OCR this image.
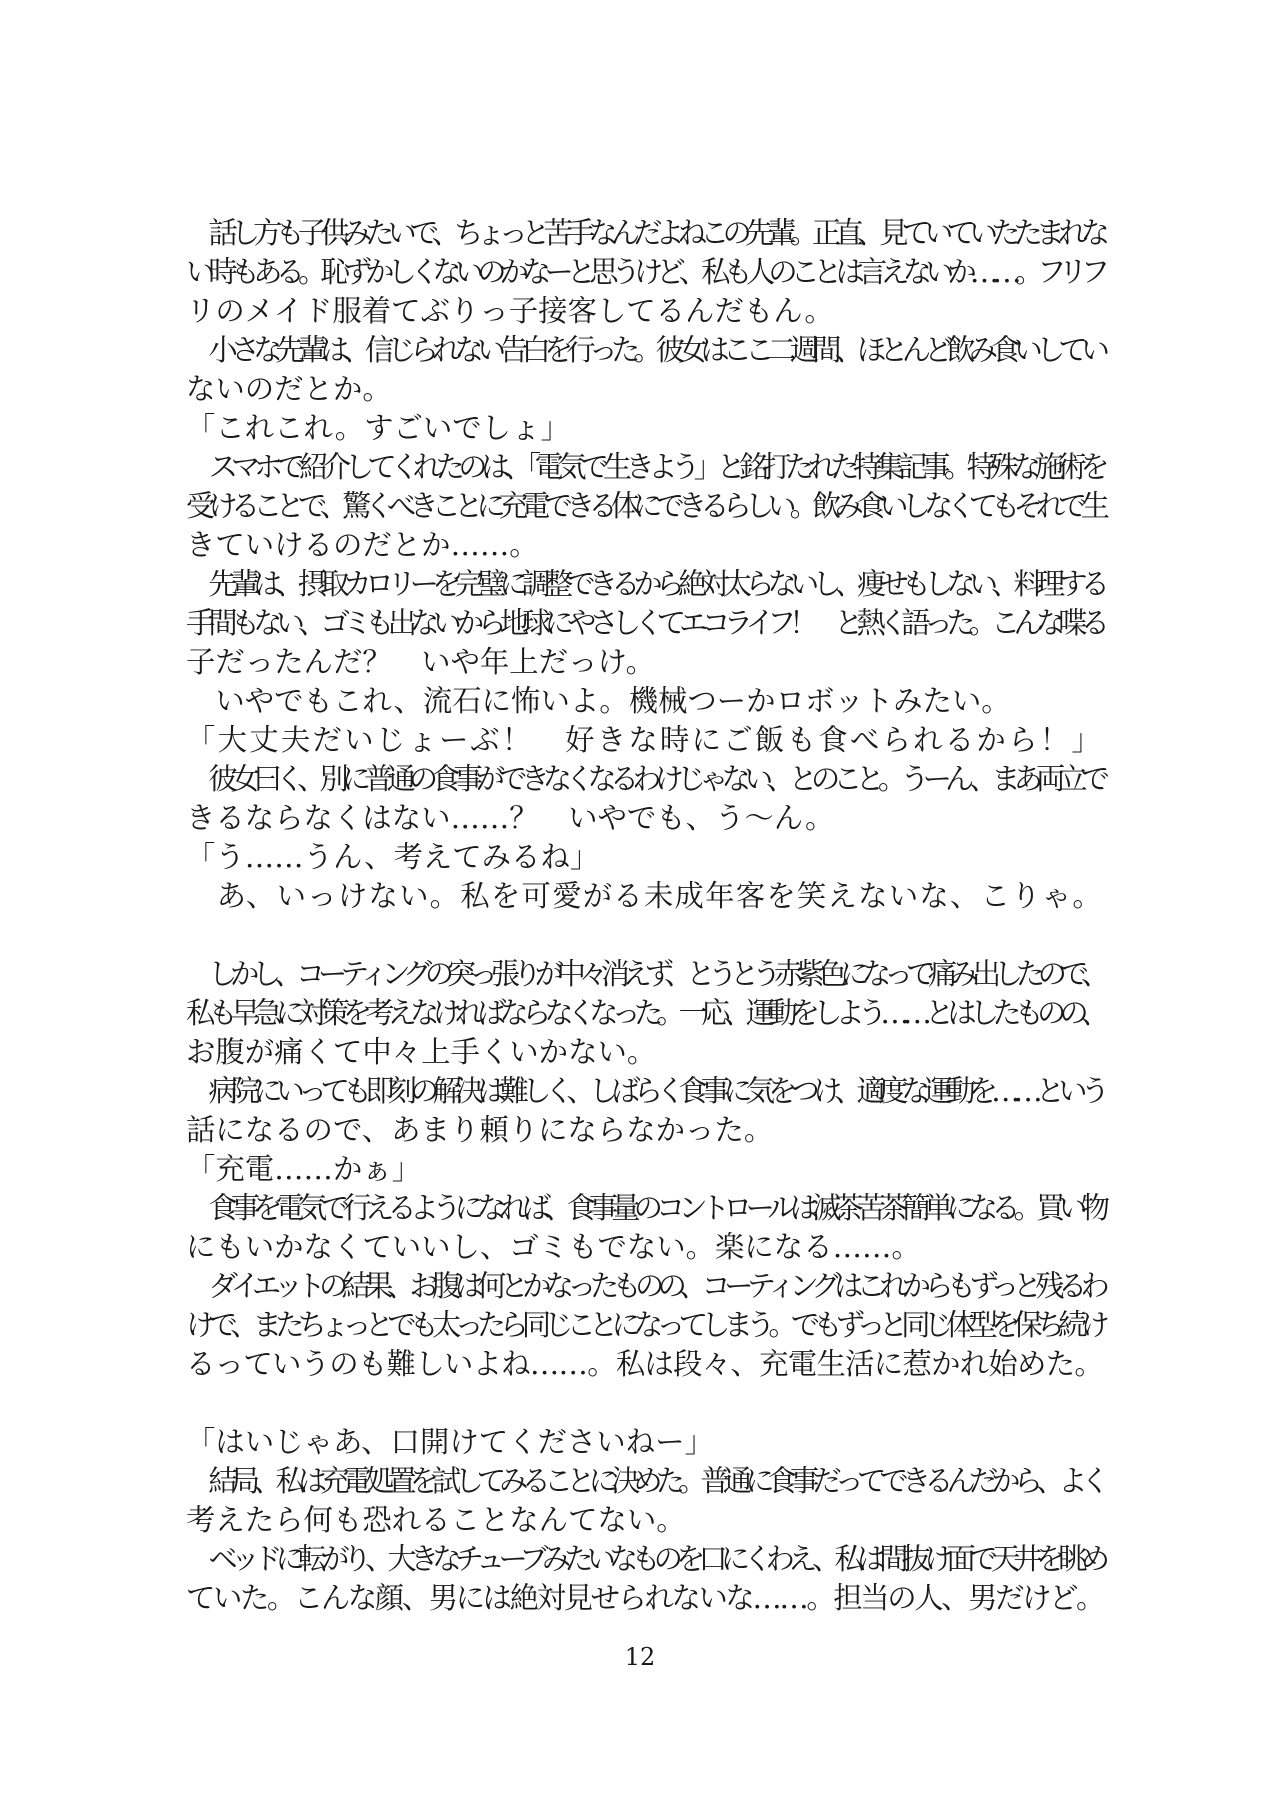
　話し方も子供みたいで、ちょっと苦手なんだよねこの先輩。正直、見ていていたたまれな
い時もある。恥ずかしくないのかなーと思うけど、私も人のことは言えないか……。フリフ
リのメイド服着てぶりっ子接客してるんだもん。
　小さな先輩は、信じられない告白を行った。彼女はここ二週間、ほとんど飲み食いしてい
ないのだとか。
「これこれ。すごいでしょ」
　スマホで紹介してくれたのは、「電気で生きよう」と銘打たれた特集記事。特殊な施術を
受けることで、驚くべきことに充電できる体にできるらしい。飲み食いしなくてもそれで生
きていけるのだとか……。
　先輩は、摂取カロリーを完璧に調整できるから絶対太らないし、痩せもしない、料理する
手間もない、ゴミも出ないから地球にやさしくてエコライフ！　と熱く語った。こんな喋る
子だったんだ？　いや年上だっけ。
　いやでもこれ、流石に怖いよ。機械つーかロボットみたい。
「大丈夫だいじょーぶ！　好きな時にご飯も食べられるから！」
　彼女曰く、別に普通の食事ができなくなるわけじゃない、とのこと。うーん、まあ両立で
きるならなくはない……？　いやでも、う～ん。
「う……うん、考えてみるね」
　あ、いっけない。私を可愛がる未成年客を笑えないな、こりゃ。
　しかし、コーティングの突っ張りが中々消えず、とうとう赤紫色になって痛み出したので、
私も早急に対策を考えなければならなくなった。一応、運動をしよう……とはしたものの、
お腹が痛くて中々上手くいかない。
　病院にいっても即刻の解決は難しく、しばらく食事に気をつけ、適度な運動を……という
話になるので、あまり頼りにならなかった。
「充電……かぁ」
　食事を電気で行えるようになれば、食事量のコントロールは滅茶苦茶簡単になる。買い物
にもいかなくていいし、ゴミもでない。楽になる……。
　ダイエットの結果、お腹は何とかなったものの、コーティングはこれからもずっと残るわ
けで、またちょっとでも太ったら同じことになってしまう。でもずっと同じ体型を保ち続け
るっていうのも難しいよね……。私は段々、充電生活に惹かれ始めた。
「はいじゃあ、口開けてくださいねー」
　結局、私は充電処置を試してみることに決めた。普通に食事だってできるんだから、よく
考えたら何も恐れることなんてない。
　ベッドに転がり、大きなチューブみたいなものを口にくわえ、私は間抜け面で天井を眺め
ていた。こんな顔、男には絶対見せられないな……。担当の人、男だけど。
12
